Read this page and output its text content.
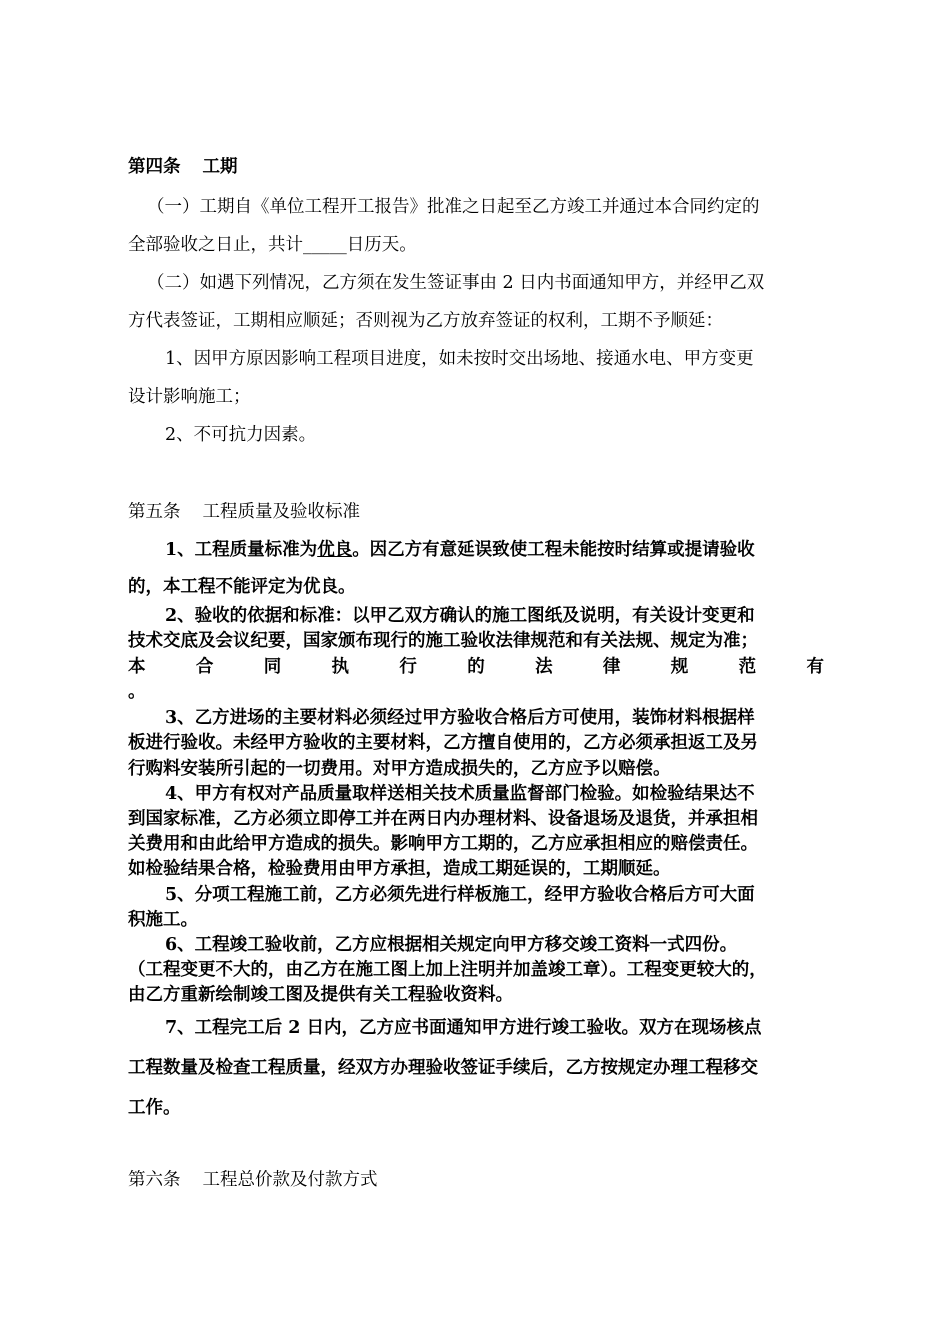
第四条 工期
（一）工期自《单位工程开工报告》批准之日起至乙方竣工并通过本合同约定的
全部验收之日止，共计_____日历天。
（二）如遇下列情况，乙方须在发生签证事由 2 日内书面通知甲方，并经甲乙双
方代表签证，工期相应顺延；否则视为乙方放弃签证的权利，工期不予顺延：
1、因甲方原因影响工程项目进度，如未按时交出场地、接通水电、甲方变更
设计影响施工；
2、不可抗力因素。
第五条 工程质量及验收标准
1、工程质量标准为优良。因乙方有意延误致使工程未能按时结算或提请验收
的，本工程不能评定为优良。
2、验收的依据和标准：以甲乙双方确认的施工图纸及说明，有关设计变更和
技术交底及会议纪要，国家颁布现行的施工验收法律规范和有关法规、规定为准；
本	合	同	执	行	的	法	律	规	范	有
。
3、乙方进场的主要材料必须经过甲方验收合格后方可使用，装饰材料根据样
板进行验收。未经甲方验收的主要材料，乙方擅自使用的，乙方必须承担返工及另
行购料安装所引起的一切费用。对甲方造成损失的，乙方应予以赔偿。
4、甲方有权对产品质量取样送相关技术质量监督部门检验。如检验结果达不
到国家标准，乙方必须立即停工并在两日内办理材料、设备退场及退货，并承担相
关费用和由此给甲方造成的损失。影响甲方工期的，乙方应承担相应的赔偿责任。
如检验结果合格，检验费用由甲方承担，造成工期延误的，工期顺延。
5、分项工程施工前，乙方必须先进行样板施工，经甲方验收合格后方可大面
积施工。
6、工程竣工验收前，乙方应根据相关规定向甲方移交竣工资料一式四份。
（工程变更不大的，由乙方在施工图上加上注明并加盖竣工章）。工程变更较大的，
由乙方重新绘制竣工图及提供有关工程验收资料。
7、工程完工后 2 日内，乙方应书面通知甲方进行竣工验收。双方在现场核点
工程数量及检查工程质量，经双方办理验收签证手续后，乙方按规定办理工程移交
工作。
第六条 工程总价款及付款方式
